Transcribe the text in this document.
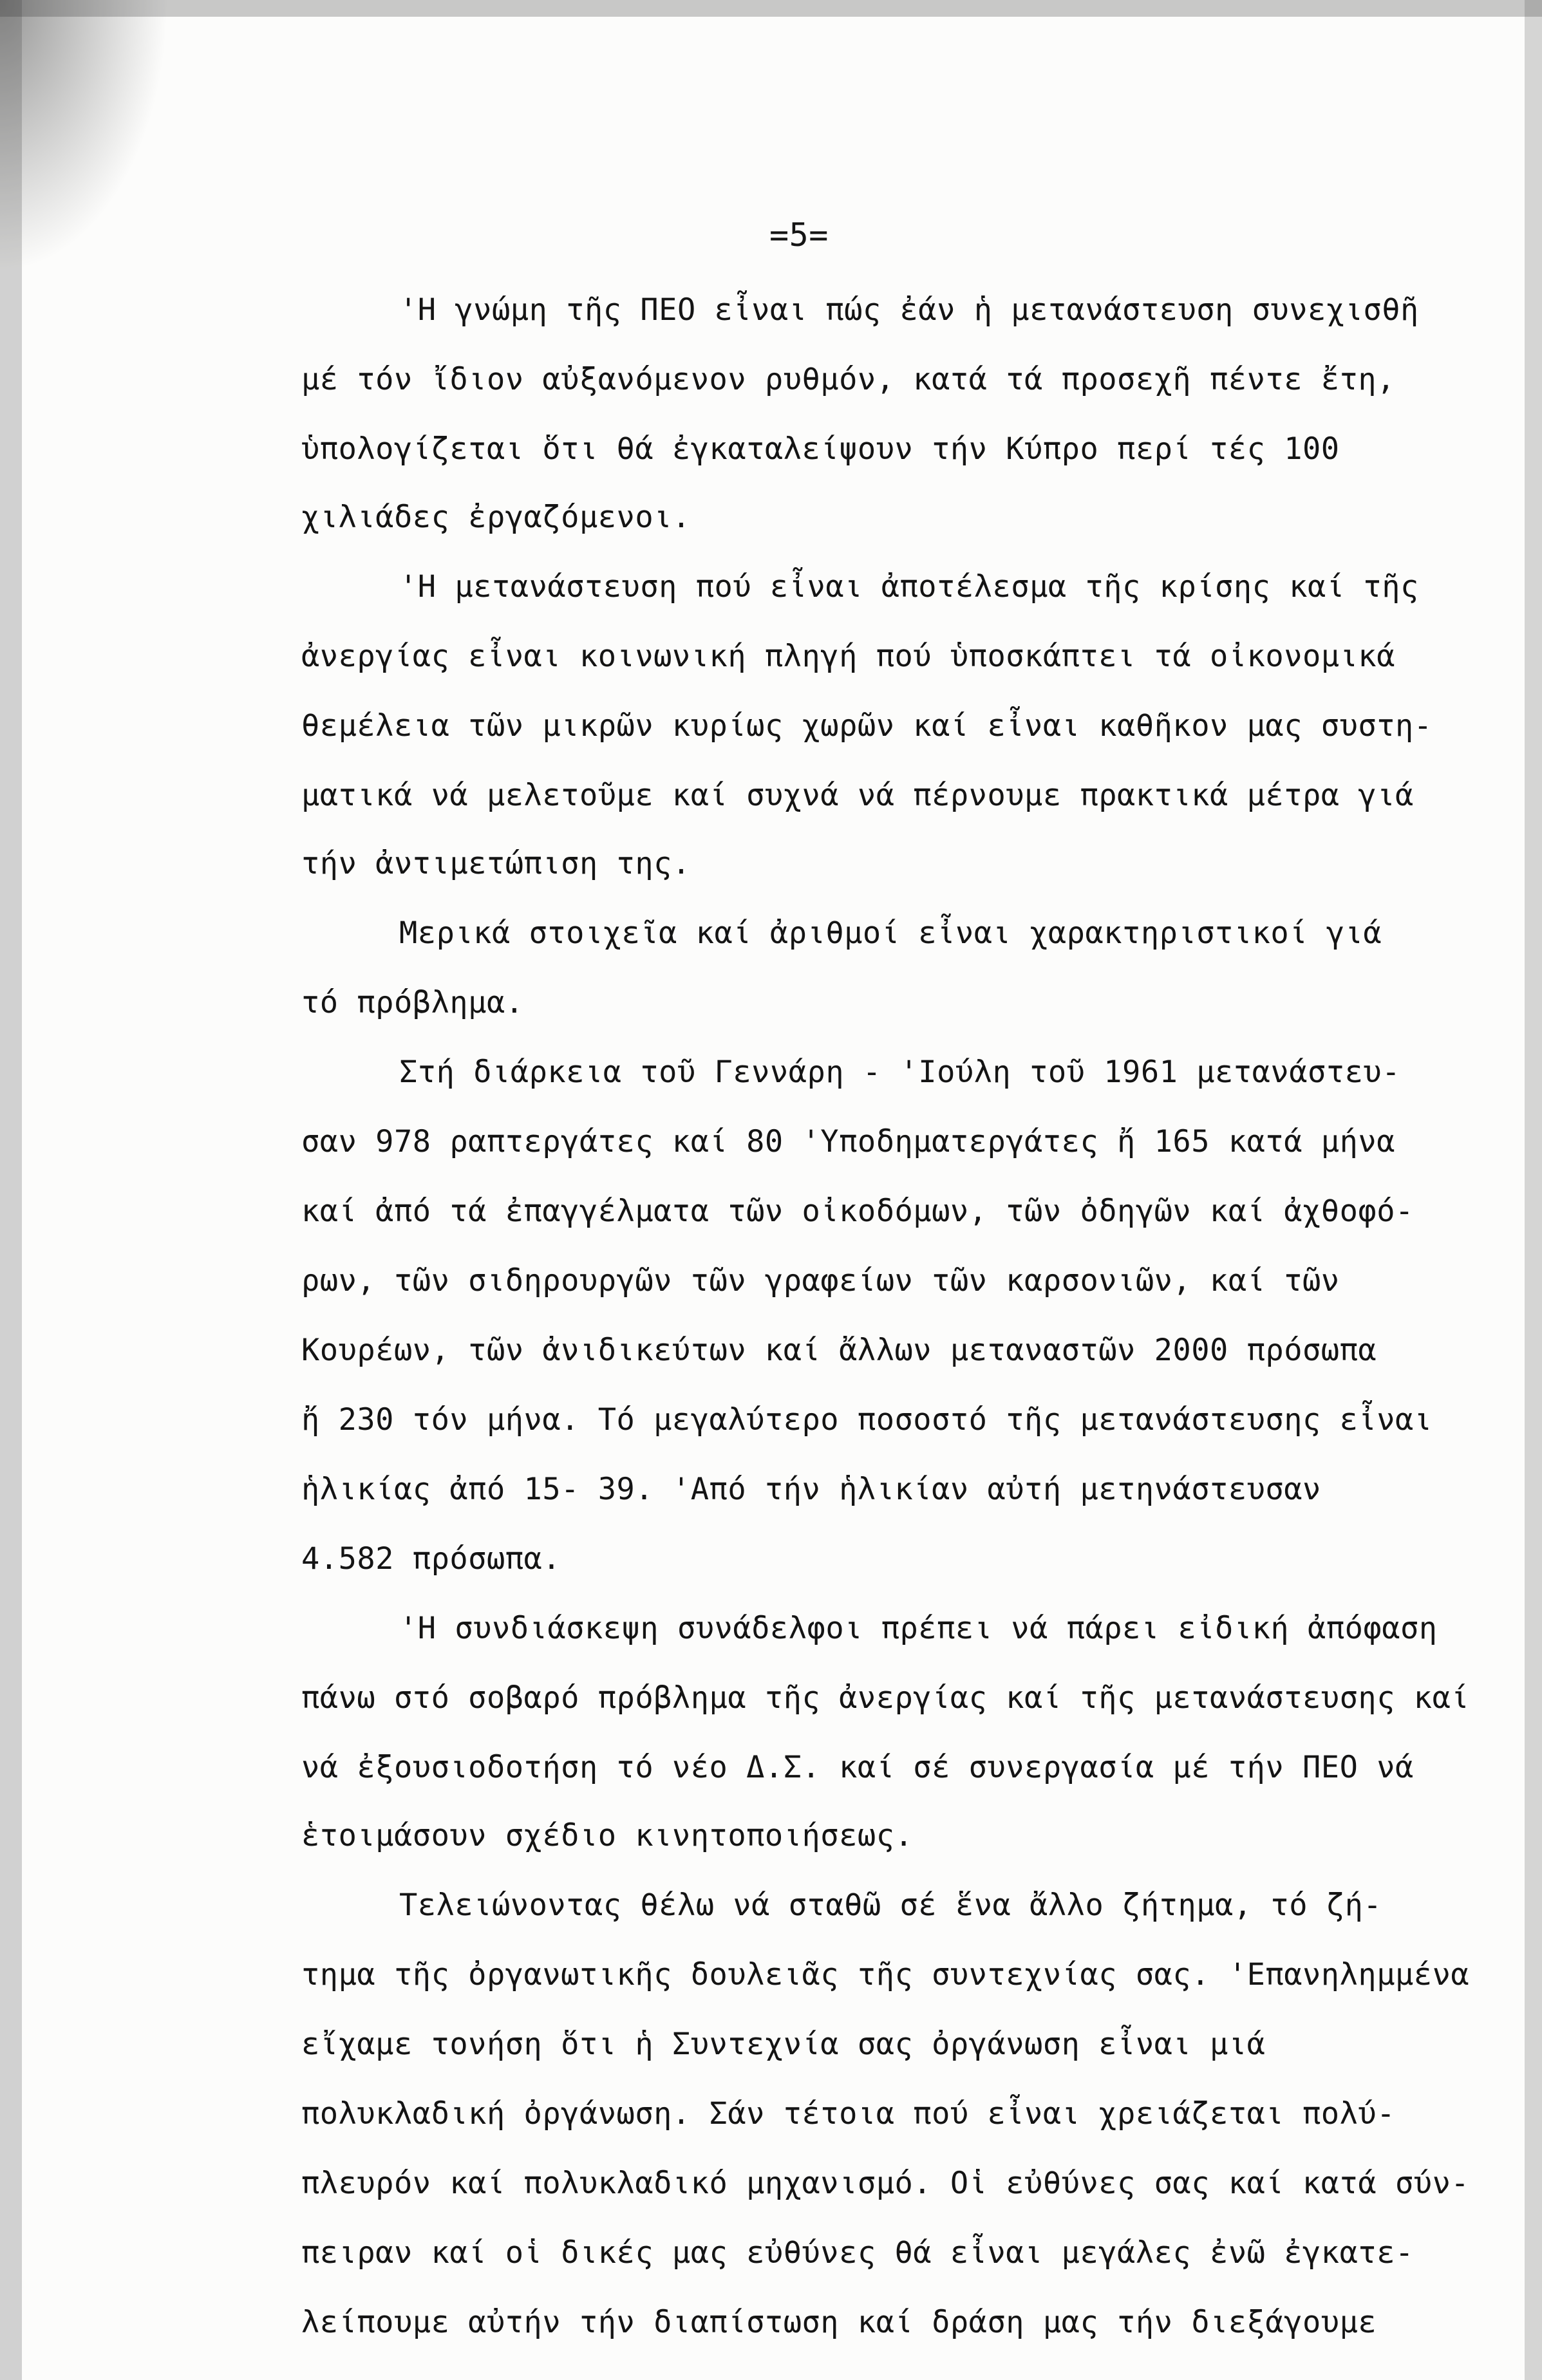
=5=
'Η γνώμη τῆς ΠΕΟ εἶναι πώς ἐάν ἡ μετανάστευση συνεχισθῆ
μέ τόν ἴδιον αὐξανόμενον ρυθμόν, κατά τά προσεχῆ πέντε ἔτη,
ὑπολογίζεται ὅτι θά ἐγκαταλείψουν τήν Κύπρο περί τές 100
χιλιάδες ἐργαζόμενοι.
'Η μετανάστευση πού εἶναι ἀποτέλεσμα τῆς κρίσης καί τῆς
ἀνεργίας εἶναι κοινωνική πληγή πού ὑποσκάπτει τά οἰκονομικά
θεμέλεια τῶν μικρῶν κυρίως χωρῶν καί εἶναι καθῆκον μας συστη-
ματικά νά μελετοῦμε καί συχνά νά πέρνουμε πρακτικά μέτρα γιά
τήν ἀντιμετώπιση της.
Μερικά στοιχεῖα καί ἀριθμοί εἶναι χαρακτηριστικοί γιά
τό πρόβλημα.
Στή διάρκεια τοῦ Γεννάρη - 'Ιούλη τοῦ 1961 μετανάστευ-
σαν 978 ραπτεργάτες καί 80 'Υποδηματεργάτες ἤ 165 κατά μήνα
καί ἀπό τά ἐπαγγέλματα τῶν οἰκοδόμων, τῶν ὀδηγῶν καί ἀχθοφό-
ρων, τῶν σιδηρουργῶν τῶν γραφείων τῶν καρσονιῶν, καί τῶν
Κουρέων, τῶν ἀνιδικεύτων καί ἄλλων μεταναστῶν 2000 πρόσωπα
ἤ 230 τόν μήνα. Τό μεγαλύτερο ποσοστό τῆς μετανάστευσης εἶναι
ἡλικίας ἀπό 15- 39. 'Από τήν ἡλικίαν αὐτή μετηνάστευσαν
4.582 πρόσωπα.
'Η συνδιάσκεψη συνάδελφοι πρέπει νά πάρει εἰδική ἀπόφαση
πάνω στό σοβαρό πρόβλημα τῆς ἀνεργίας καί τῆς μετανάστευσης καί
νά ἐξουσιοδοτήση τό νέο Δ.Σ. καί σέ συνεργασία μέ τήν ΠΕΟ νά
ἑτοιμάσουν σχέδιο κινητοποιήσεως.
Τελειώνοντας θέλω νά σταθῶ σέ ἕνα ἄλλο ζήτημα, τό ζή-
τημα τῆς ὀργανωτικῆς δουλειᾶς τῆς συντεχνίας σας. 'Επανηλημμένα
εἴχαμε τονήση ὅτι ἡ Συντεχνία σας ὀργάνωση εἶναι μιά
πολυκλαδική ὀργάνωση. Σάν τέτοια πού εἶναι χρειάζεται πολύ-
πλευρόν καί πολυκλαδικό μηχανισμό. Οἱ εὐθύνες σας καί κατά σύν-
πειραν καί οἱ δικές μας εὐθύνες θά εἶναι μεγάλες ἐνῶ ἐγκατε-
λείπουμε αὐτήν τήν διαπίστωση καί δράση μας τήν διεξάγουμε
